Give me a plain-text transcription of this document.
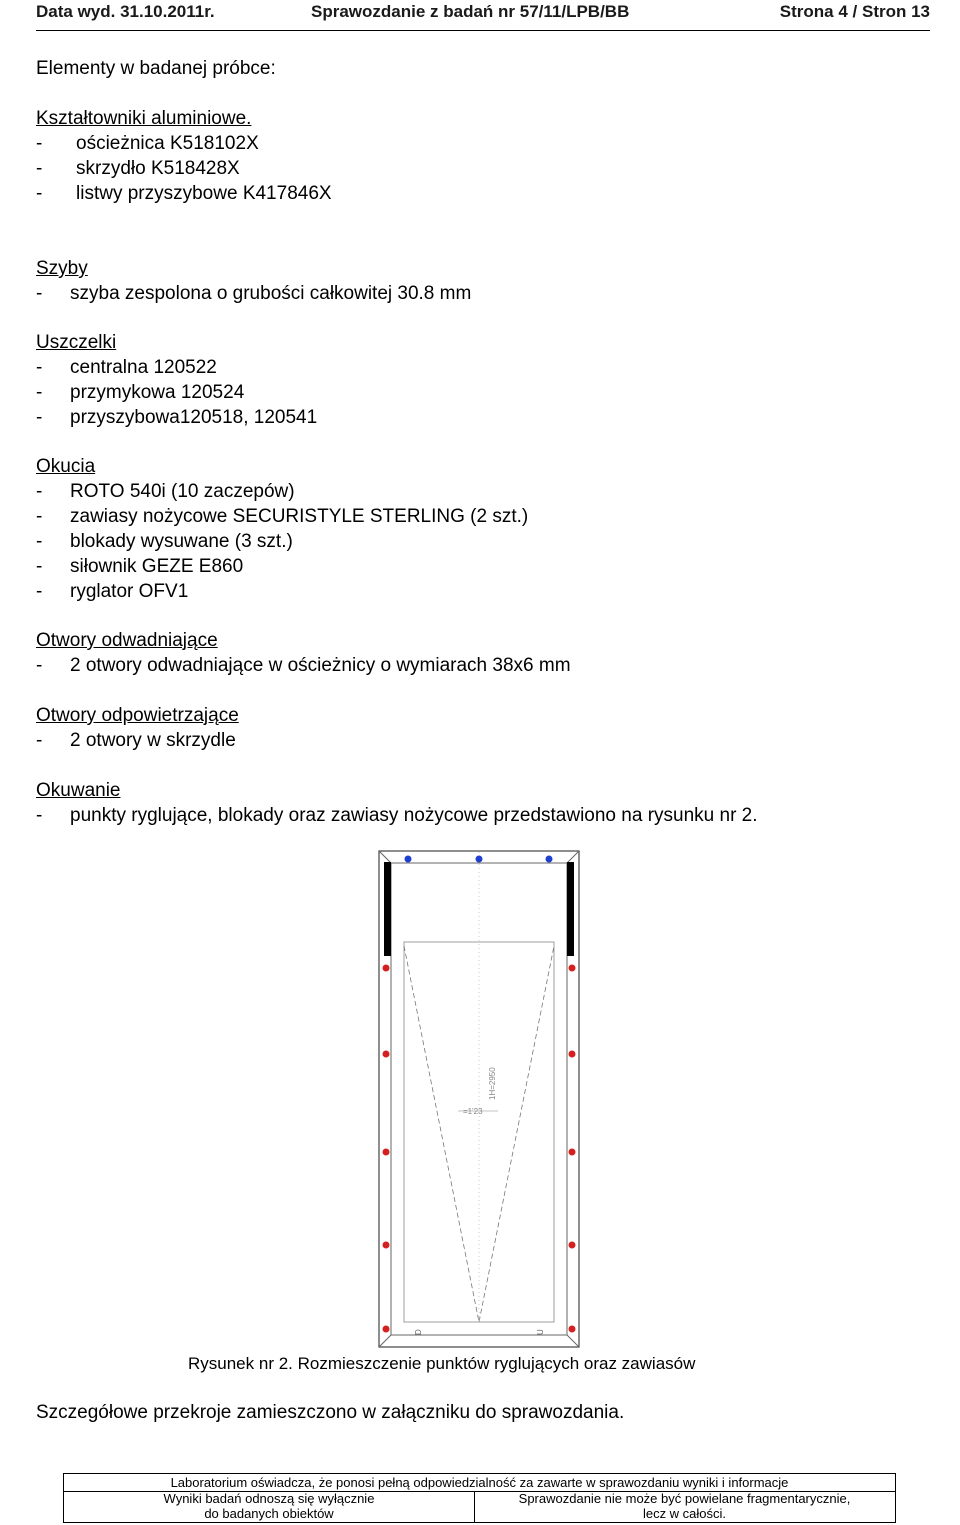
Data wyd. 31.10.2011r.	Sprawozdanie z badań nr 57/11/LPB/BB	Strona 4 / Stron 13
Elementy w badanej próbce:
Kształtowniki aluminiowe.
- ościeżnica K518102X
- skrzydło K518428X
- listwy przyszybowe K417846X
Szyby
- szyba zespolona o grubości całkowitej 30.8 mm
Uszczelki
- centralna 120522
- przymykowa 120524
- przyszybowa120518, 120541
Okucia
- ROTO 540i (10 zaczepów)
- zawiasy nożycowe SECURISTYLE STERLING (2 szt.)
- blokady wysuwane (3 szt.)
- siłownik GEZE E860
- ryglator OFV1
Otwory odwadniające
- 2 otwory odwadniające w ościeżnicy o wymiarach 38x6 mm
Otwory odpowietrzające
- 2 otwory w skrzydle
Okuwanie
- punkty ryglujące, blokady oraz zawiasy nożycowe przedstawiono na rysunku nr 2.
=1'23
1H=2950
D	U
Rysunek nr 2. Rozmieszczenie punktów ryglujących oraz zawiasów
Szczegółowe przekroje zamieszczono w załączniku do sprawozdania.
Laboratorium oświadcza, że ponosi pełną odpowiedzialność za zawarte w sprawozdaniu wyniki i informacje
Wyniki badań odnoszą się wyłącznie
do badanych obiektów
Sprawozdanie nie może być powielane fragmentarycznie,
lecz w całości.
